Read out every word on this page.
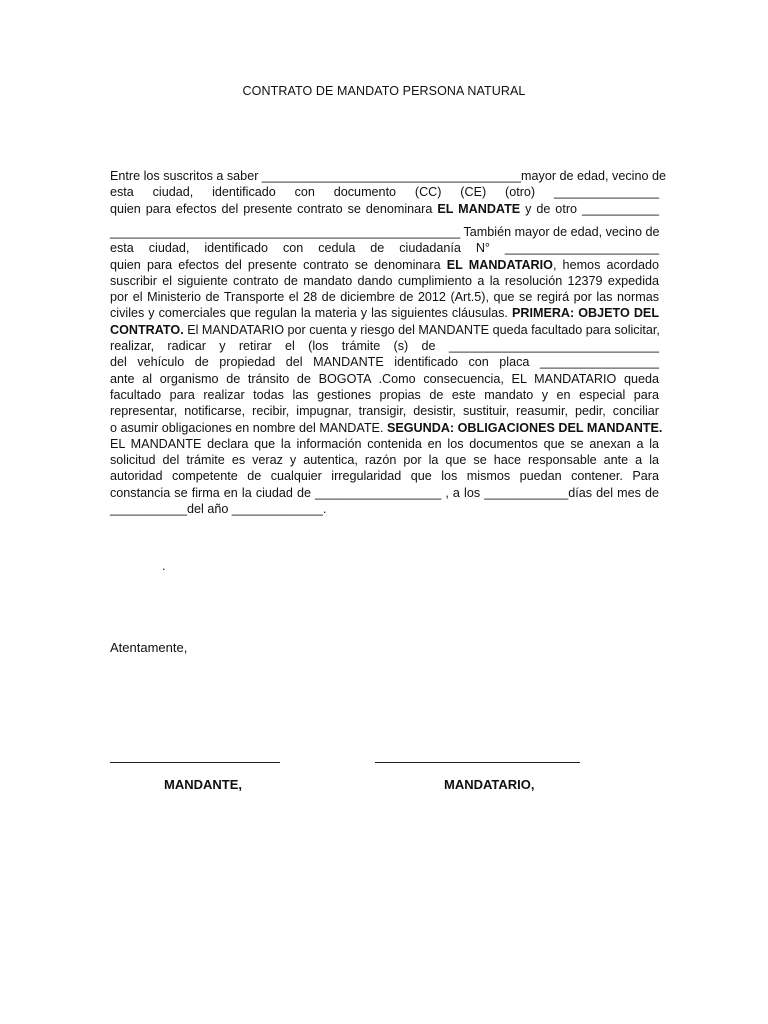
CONTRATO DE MANDATO PERSONA NATURAL
Entre los suscritos a saber _____________________________________mayor de edad, vecino de
esta ciudad, identificado con documento (CC) (CE) (otro) _______________
quien para efectos del presente contrato se denominara EL MANDATE y de otro ___________
__________________________________________________ También mayor de edad, vecino de
esta ciudad, identificado con cedula de ciudadanía N° ______________________
quien para efectos del presente contrato se denominara EL MANDATARIO, hemos acordado
suscribir el siguiente contrato de mandato dando cumplimiento a la resolución 12379 expedida
por el Ministerio de Transporte el 28 de diciembre de 2012 (Art.5), que se regirá por las normas
civiles y comerciales que regulan la materia y las siguientes cláusulas. PRIMERA: OBJETO DEL
CONTRATO. El MANDATARIO por cuenta y riesgo del MANDANTE queda facultado para solicitar,
realizar, radicar y retirar el (los trámite (s) de ______________________________
del vehículo de propiedad del MANDANTE identificado con placa _________________
ante al organismo de tránsito de BOGOTA .Como consecuencia, EL MANDATARIO queda
facultado para realizar todas las gestiones propias de este mandato y en especial para
representar, notificarse, recibir, impugnar, transigir, desistir, sustituir, reasumir, pedir, conciliar
o asumir obligaciones en nombre del MANDATE. SEGUNDA: OBLIGACIONES DEL MANDANTE.
EL MANDANTE declara que la información contenida en los documentos que se anexan a la
solicitud del trámite es veraz y autentica, razón por la que se hace responsable ante a la
autoridad competente de cualquier irregularidad que los mismos puedan contener. Para
constancia se firma en la ciudad de __________________ , a los ____________días del mes de
___________del año _____________.
.
Atentamente,
MANDANTE,	MANDATARIO,
